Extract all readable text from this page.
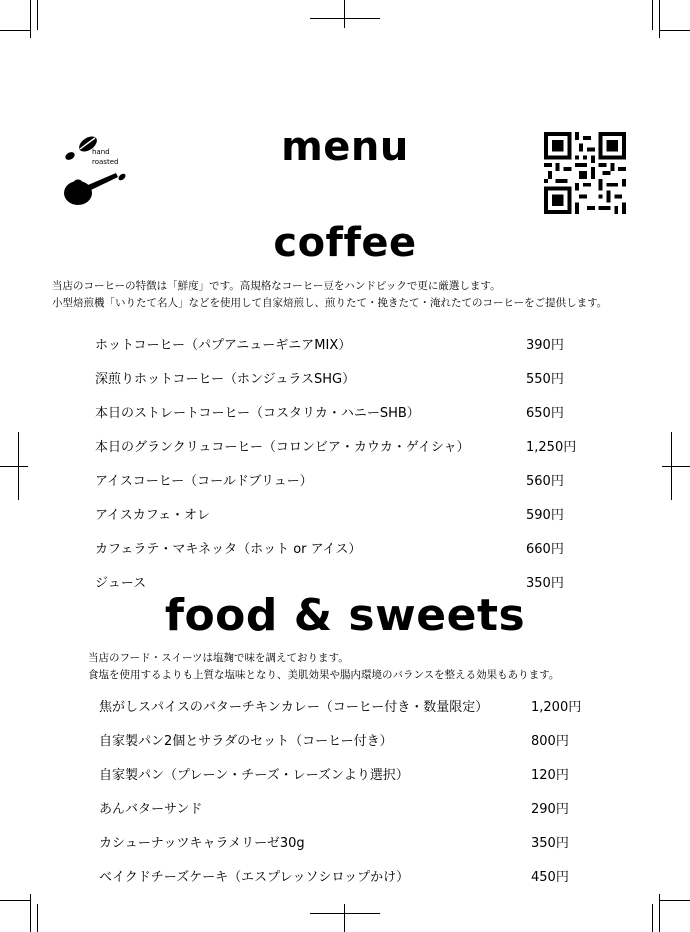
hand
roasted	menu
coffee
当店のコーヒーの特徴は「鮮度」です。高規格なコーヒー豆をハンドピックで更に厳選します。
小型焙煎機「いりたて名人」などを使用して自家焙煎し、煎りたて・挽きたて・淹れたてのコーヒーをご提供します。
ホットコーヒー（パプアニューギニアMIX）	390円
深煎りホットコーヒー（ホンジュラスSHG）	550円
本日のストレートコーヒー（コスタリカ・ハニーSHB）	650円
本日のグランクリュコーヒー（コロンビア・カウカ・ゲイシャ）	1,250円
アイスコーヒー（コールドブリュー）	560円
アイスカフェ・オレ	590円
カフェラテ・マキネッタ（ホット or アイス）	660円
ジュース	350円
food & sweets
当店のフード・スイーツは塩麹で味を調えております。
食塩を使用するよりも上質な塩味となり、美肌効果や腸内環境のバランスを整える効果もあります。
焦がしスパイスのバターチキンカレー（コーヒー付き・数量限定）	1,200円
自家製パン2個とサラダのセット（コーヒー付き）	800円
自家製パン（プレーン・チーズ・レーズンより選択）	120円
あんバターサンド	290円
カシューナッツキャラメリーゼ30g	350円
ベイクドチーズケーキ（エスプレッソシロップかけ）	450円
